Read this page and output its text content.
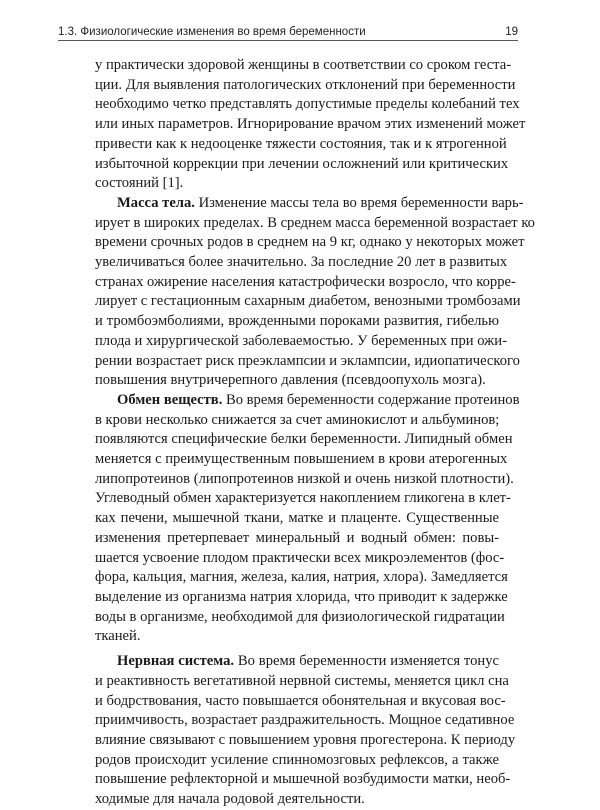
1.3. Физиологические изменения во время беременности	19
у практически здоровой женщины в соответствии со сроком геста-
ции. Для выявления патологических отклонений при беременности
необходимо четко представлять допустимые пределы колебаний тех
или иных параметров. Игнорирование врачом этих изменений может
привести как к недооценке тяжести состояния, так и к ятрогенной
избыточной коррекции при лечении осложнений или критических
состояний [1].
Масса тела. Изменение массы тела во время беременности варь-
ирует в широких пределах. В среднем масса беременной возрастает ко
времени срочных родов в среднем на 9 кг, однако у некоторых может
увеличиваться более значительно. За последние 20 лет в развитых
странах ожирение населения катастрофически возросло, что корре-
лирует с гестационным сахарным диабетом, венозными тромбозами
и тромбоэмболиями, врожденными пороками развития, гибелью
плода и хирургической заболеваемостью. У беременных при ожи-
рении возрастает риск преэклампсии и эклампсии, идиопатического
повышения внутричерепного давления (псевдоопухоль мозга).
Обмен веществ. Во время беременности содержание протеинов
в крови несколько снижается за счет аминокислот и альбуминов;
появляются специфические белки беременности. Липидный обмен
меняется с преимущественным повышением в крови атерогенных
липопротеинов (липопротеинов низкой и очень низкой плотности).
Углеводный обмен характеризуется накоплением гликогена в клет-
ках печени, мышечной ткани, матке и плаценте. Существенные
изменения претерпевает минеральный и водный обмен: повы-
шается усвоение плодом практически всех микроэлементов (фос-
фора, кальция, магния, железа, калия, натрия, хлора). Замедляется
выделение из организма натрия хлорида, что приводит к задержке
воды в организме, необходимой для физиологической гидратации
тканей.
Нервная система. Во время беременности изменяется тонус
и реактивность вегетативной нервной системы, меняется цикл сна
и бодрствования, часто повышается обонятельная и вкусовая вос-
приимчивость, возрастает раздражительность. Мощное седативное
влияние связывают с повышением уровня прогестерона. К периоду
родов происходит усиление спинномозговых рефлексов, а также
повышение рефлекторной и мышечной возбудимости матки, необ-
ходимые для начала родовой деятельности.
